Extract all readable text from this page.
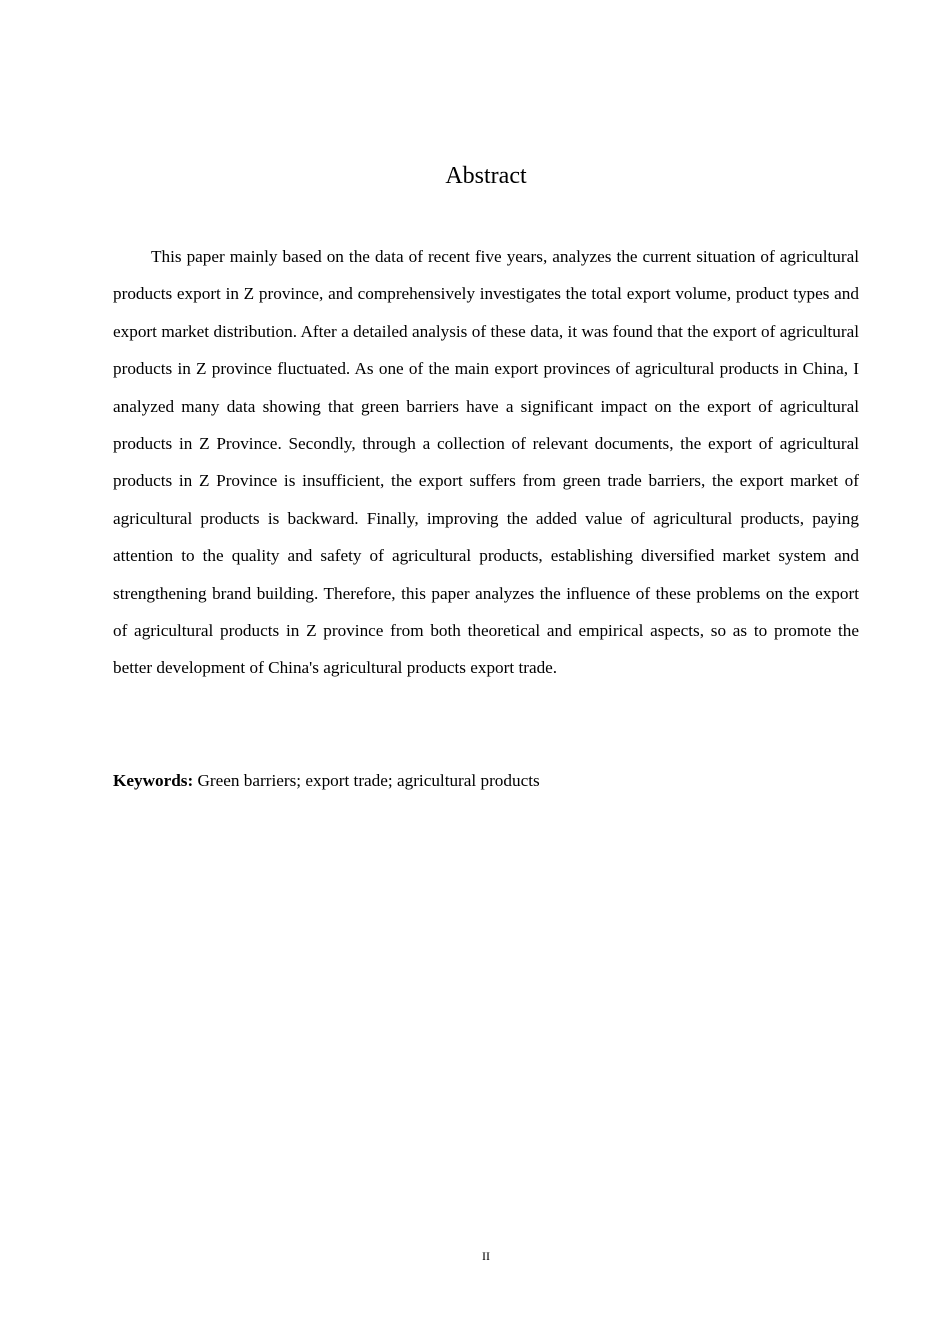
Abstract

This paper mainly based on the data of recent five years, analyzes the current situation of agricultural products export in Z province, and comprehensively investigates the total export volume, product types and export market distribution. After a detailed analysis of these data, it was found that the export of agricultural products in Z province fluctuated. As one of the main export provinces of agricultural products in China, I analyzed many data showing that green barriers have a significant impact on the export of agricultural products in Z Province. Secondly, through a collection of relevant documents, the export of agricultural products in Z Province is insufficient, the export suffers from green trade barriers, the export market of agricultural products is backward. Finally, improving the added value of agricultural products, paying attention to the quality and safety of agricultural products, establishing diversified market system and strengthening brand building. Therefore, this paper analyzes the influence of these problems on the export of agricultural products in Z province from both theoretical and empirical aspects, so as to promote the better development of China's agricultural products export trade.

Keywords: Green barriers; export trade; agricultural products

II
